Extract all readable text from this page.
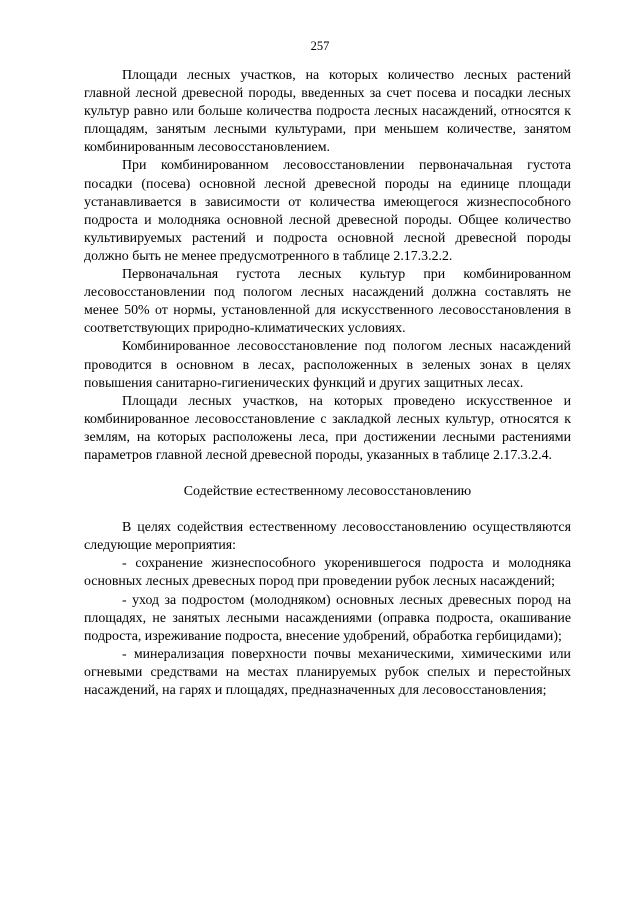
257

Площади лесных участков, на которых количество лесных растений главной лесной древесной породы, введенных за счет посева и посадки лесных культур равно или больше количества подроста лесных насаждений, относятся к площадям, занятым лесными культурами, при меньшем количестве, занятом комбинированным лесовосстановлением.

При комбинированном лесовосстановлении первоначальная густота посадки (посева) основной лесной древесной породы на единице площади устанавливается в зависимости от количества имеющегося жизнеспособного подроста и молодняка основной лесной древесной породы. Общее количество культивируемых растений и подроста основной лесной древесной породы должно быть не менее предусмотренного в таблице 2.17.3.2.2.

Первоначальная густота лесных культур при комбинированном лесовосстановлении под пологом лесных насаждений должна составлять не менее 50% от нормы, установленной для искусственного лесовосстановления в соответствующих природно-климатических условиях.

Комбинированное лесовосстановление под пологом лесных насаждений проводится в основном в лесах, расположенных в зеленых зонах в целях повышения санитарно-гигиенических функций и других защитных лесах.

Площади лесных участков, на которых проведено искусственное и комбинированное лесовосстановление с закладкой лесных культур, относятся к землям, на которых расположены леса, при достижении лесными растениями параметров главной лесной древесной породы, указанных в таблице 2.17.3.2.4.

Содействие естественному лесовосстановлению

В целях содействия естественному лесовосстановлению осуществляются следующие мероприятия:

- сохранение жизнеспособного укоренившегося подроста и молодняка основных лесных древесных пород при проведении рубок лесных насаждений;

- уход за подростом (молодняком) основных лесных древесных пород на площадях, не занятых лесными насаждениями (оправка подроста, окашивание подроста, изреживание подроста, внесение удобрений, обработка гербицидами);

- минерализация поверхности почвы механическими, химическими или огневыми средствами на местах планируемых рубок спелых и перестойных насаждений, на гарях и площадях, предназначенных для лесовосстановления;
